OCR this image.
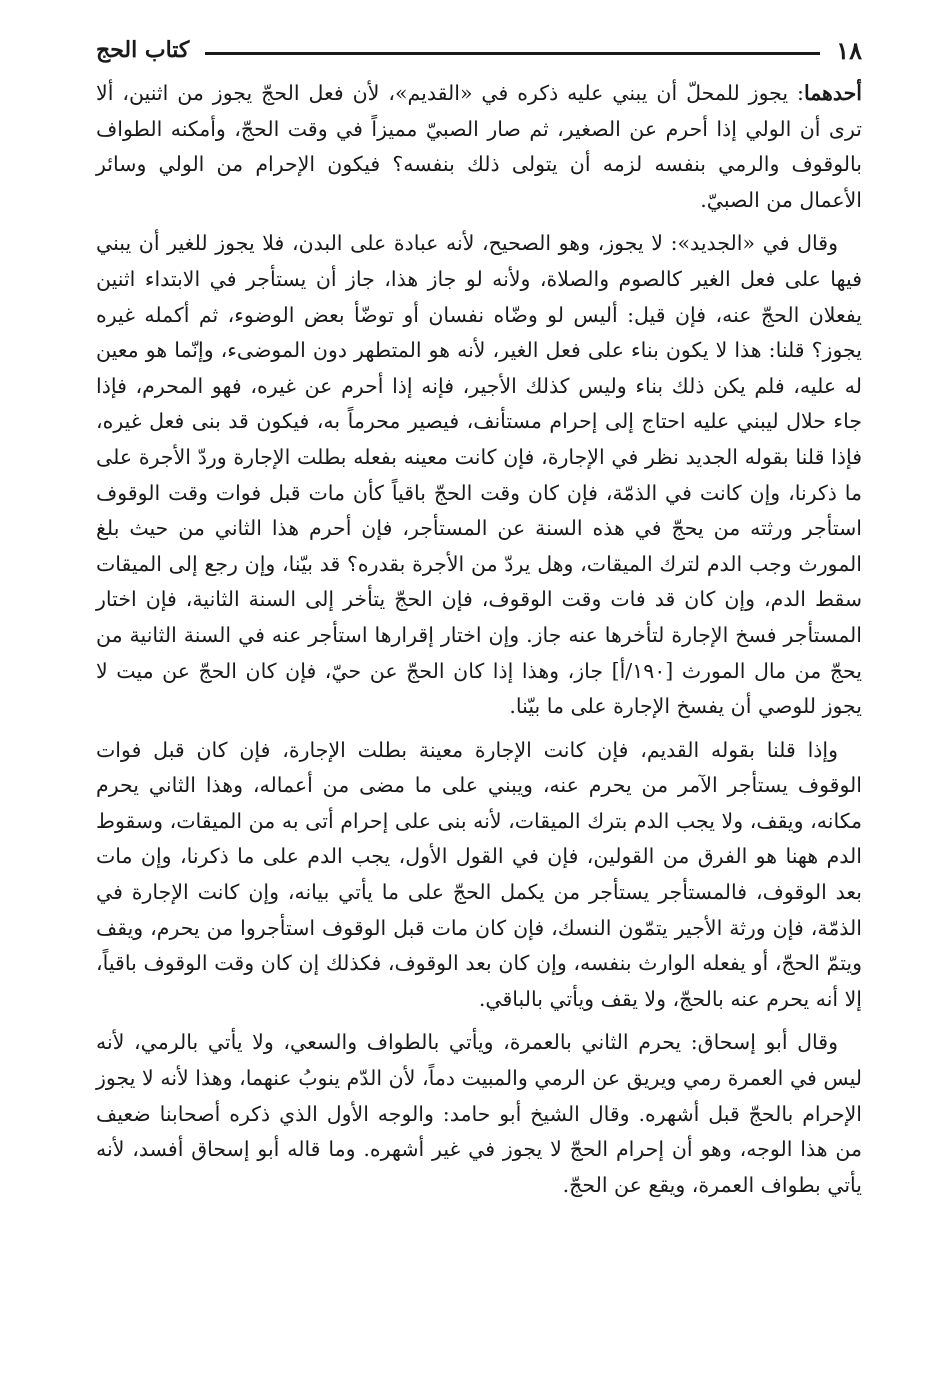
١٨
كتاب الحج

أحدهما: يجوز للمحلّ أن يبني عليه ذكره في «القديم»، لأن فعل الحجّ يجوز من اثنين، ألا ترى أن الولي إذا أحرم عن الصغير، ثم صار الصبيّ مميزاً في وقت الحجّ، وأمكنه الطواف بالوقوف والرمي بنفسه لزمه أن يتولى ذلك بنفسه؟ فيكون الإحرام من الولي وسائر الأعمال من الصبيّ.

وقال في «الجديد»: لا يجوز، وهو الصحيح، لأنه عبادة على البدن، فلا يجوز للغير أن يبني فيها على فعل الغير كالصوم والصلاة، ولأنه لو جاز هذا، جاز أن يستأجر في الابتداء اثنين يفعلان الحجّ عنه، فإن قيل: أليس لو وضّاه نفسان أو توضّأ بعض الوضوء، ثم أكمله غيره يجوز؟ قلنا: هذا لا يكون بناء على فعل الغير، لأنه هو المتطهر دون الموضىء، وإنّما هو معين له عليه، فلم يكن ذلك بناء وليس كذلك الأجير، فإنه إذا أحرم عن غيره، فهو المحرم، فإذا جاء حلال ليبني عليه احتاج إلى إحرام مستأنف، فيصير محرماً به، فيكون قد بنى فعل غيره، فإذا قلنا بقوله الجديد نظر في الإجارة، فإن كانت معينه بفعله بطلت الإجارة وردّ الأجرة على ما ذكرنا، وإن كانت في الذمّة، فإن كان وقت الحجّ باقياً كأن مات قبل فوات وقت الوقوف استأجر ورثته من يحجّ في هذه السنة عن المستأجر، فإن أحرم هذا الثاني من حيث بلغ المورث وجب الدم لترك الميقات، وهل يردّ من الأجرة بقدره؟ قد بيّنا، وإن رجع إلى الميقات سقط الدم، وإن كان قد فات وقت الوقوف، فإن الحجّ يتأخر إلى السنة الثانية، فإن اختار المستأجر فسخ الإجارة لتأخرها عنه جاز. وإن اختار إقرارها استأجر عنه في السنة الثانية من يحجّ من مال المورث [١٩٠/أ] جاز، وهذا إذا كان الحجّ عن حيّ، فإن كان الحجّ عن ميت لا يجوز للوصي أن يفسخ الإجارة على ما بيّنا.

وإذا قلنا بقوله القديم، فإن كانت الإجارة معينة بطلت الإجارة، فإن كان قبل فوات الوقوف يستأجر الآمر من يحرم عنه، ويبني على ما مضى من أعماله، وهذا الثاني يحرم مكانه، ويقف، ولا يجب الدم بترك الميقات، لأنه بنى على إحرام أتى به من الميقات، وسقوط الدم ههنا هو الفرق من القولين، فإن في القول الأول، يجب الدم على ما ذكرنا، وإن مات بعد الوقوف، فالمستأجر يستأجر من يكمل الحجّ على ما يأتي بيانه، وإن كانت الإجارة في الذمّة، فإن ورثة الأجير يتمّون النسك، فإن كان مات قبل الوقوف استأجروا من يحرم، ويقف ويتمّ الحجّ، أو يفعله الوارث بنفسه، وإن كان بعد الوقوف، فكذلك إن كان وقت الوقوف باقياً، إلا أنه يحرم عنه بالحجّ، ولا يقف ويأتي بالباقي.

وقال أبو إسحاق: يحرم الثاني بالعمرة، ويأتي بالطواف والسعي، ولا يأتي بالرمي، لأنه ليس في العمرة رمي ويريق عن الرمي والمبيت دماً، لأن الدّم ينوبُ عنهما، وهذا لأنه لا يجوز الإحرام بالحجّ قبل أشهره. وقال الشيخ أبو حامد: والوجه الأول الذي ذكره أصحابنا ضعيف من هذا الوجه، وهو أن إحرام الحجّ لا يجوز في غير أشهره. وما قاله أبو إسحاق أفسد، لأنه يأتي بطواف العمرة، ويقع عن الحجّ.
